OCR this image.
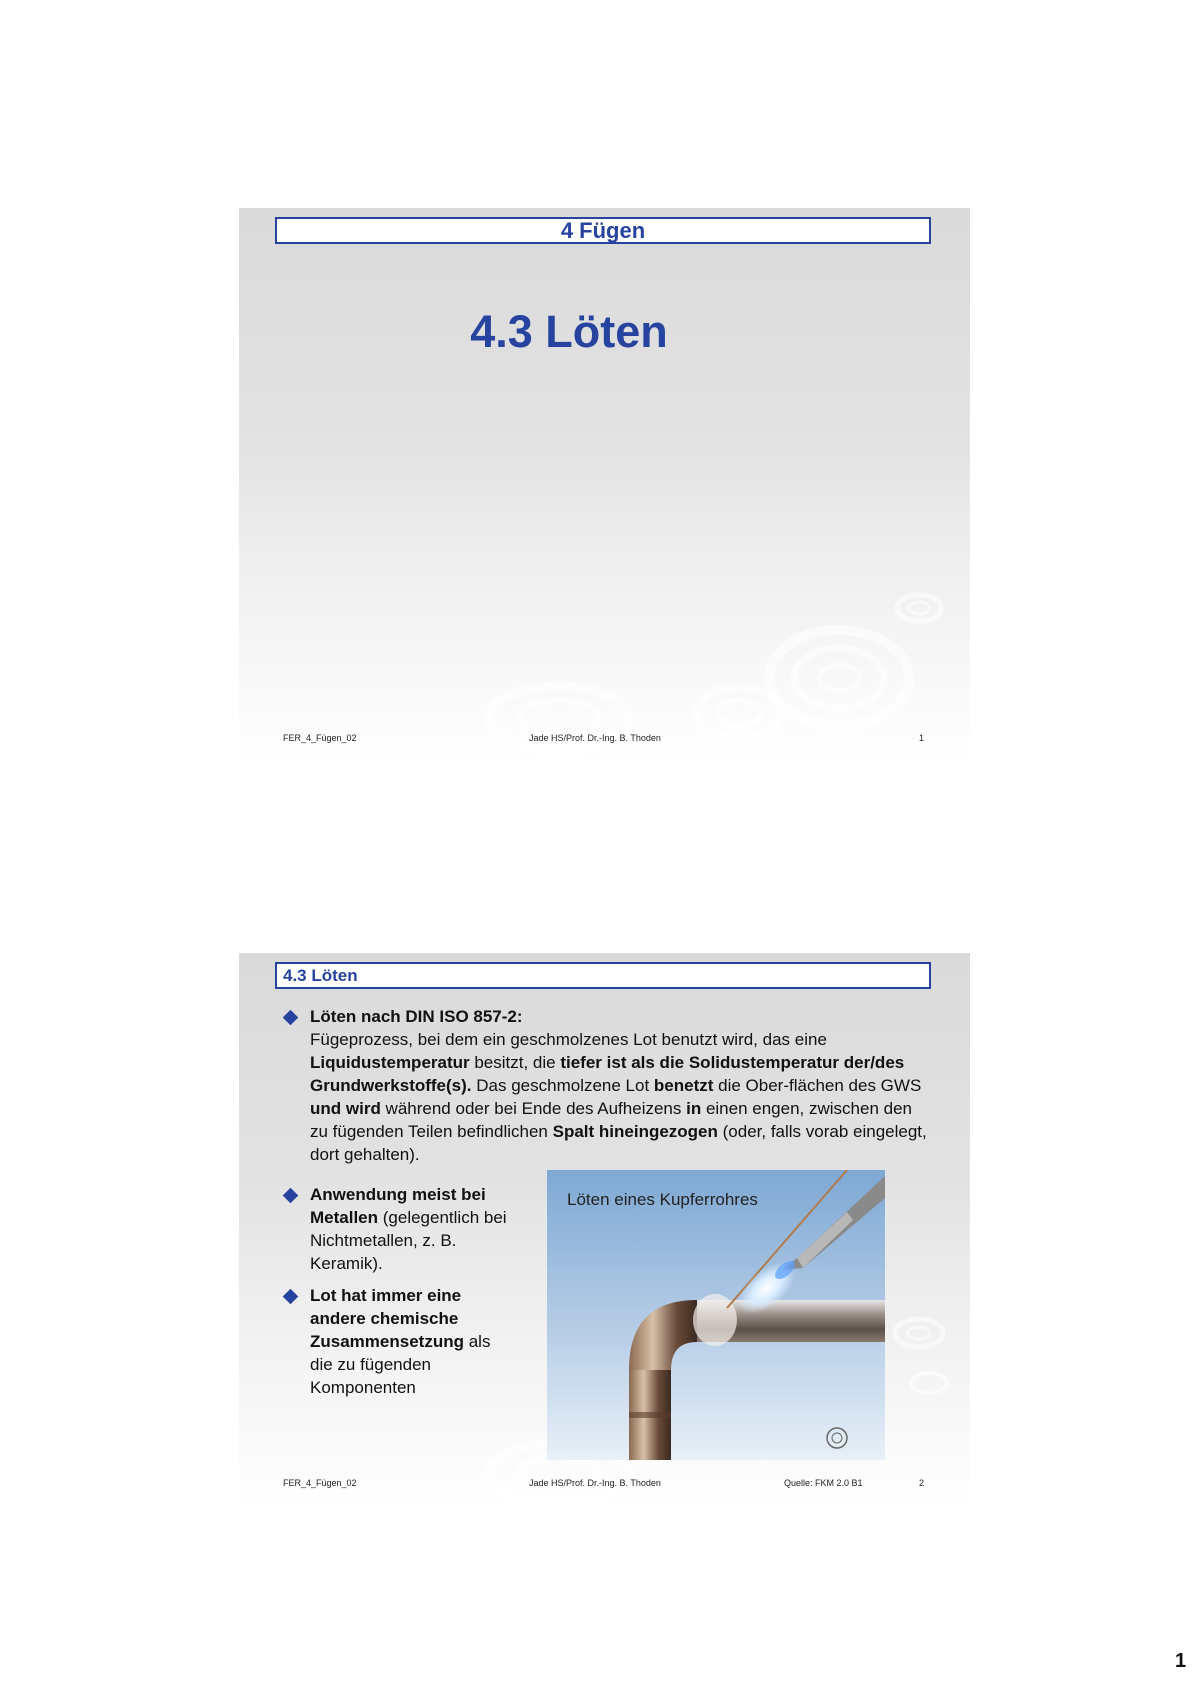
4 Fügen
4.3 Löten
FER_4_Fügen_02	Jade HS/Prof. Dr.-Ing. B. Thoden	1
4.3 Löten
Löten nach DIN ISO 857-2:
Fügeprozess, bei dem ein geschmolzenes Lot benutzt wird, das eine Liquidustemperatur besitzt, die tiefer ist als die Solidustemperatur der/des Grundwerkstoffe(s). Das geschmolzene Lot benetzt die Ober-flächen des GWS und wird während oder bei Ende des Aufheizens in einen engen, zwischen den zu fügenden Teilen befindlichen Spalt hineingezogen (oder, falls vorab eingelegt, dort gehalten).
Anwendung meist bei Metallen (gelegentlich bei Nichtmetallen, z. B. Keramik).
Lot hat immer eine andere chemische Zusammensetzung als die zu fügenden Komponenten
Löten eines Kupferrohres
FER_4_Fügen_02	Jade HS/Prof. Dr.-Ing. B. Thoden	Quelle: FKM 2.0 B1	2
1
